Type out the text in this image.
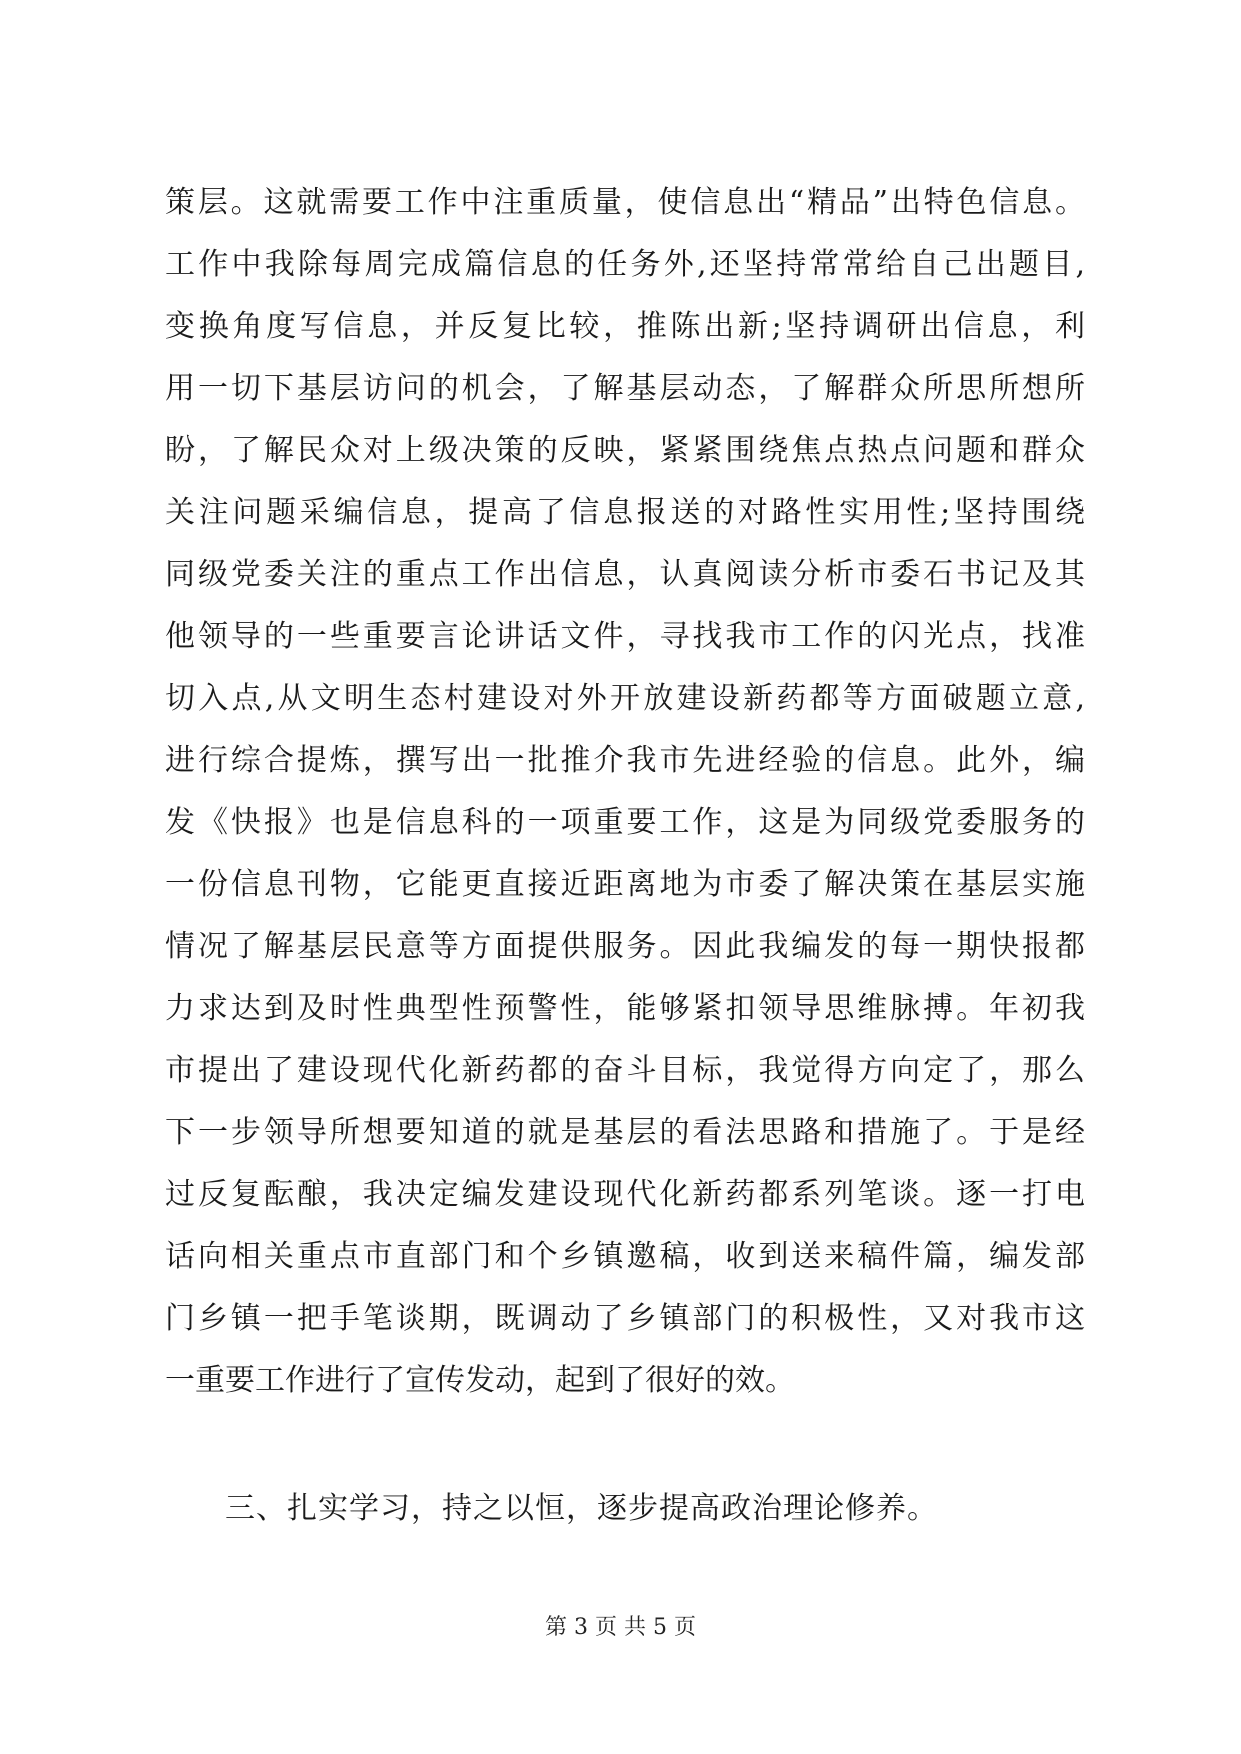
策层。这就需要工作中注重质量，使信息出“精品”出特色信息。
工作中我除每周完成篇信息的任务外,还坚持常常给自己出题目,
变换角度写信息，并反复比较，推陈出新;坚持调研出信息，利
用一切下基层访问的机会，了解基层动态，了解群众所思所想所
盼，了解民众对上级决策的反映，紧紧围绕焦点热点问题和群众
关注问题采编信息，提高了信息报送的对路性实用性;坚持围绕
同级党委关注的重点工作出信息，认真阅读分析市委石书记及其
他领导的一些重要言论讲话文件，寻找我市工作的闪光点，找准
切入点,从文明生态村建设对外开放建设新药都等方面破题立意,
进行综合提炼，撰写出一批推介我市先进经验的信息。此外，编
发《快报》也是信息科的一项重要工作，这是为同级党委服务的
一份信息刊物，它能更直接近距离地为市委了解决策在基层实施
情况了解基层民意等方面提供服务。因此我编发的每一期快报都
力求达到及时性典型性预警性，能够紧扣领导思维脉搏。年初我
市提出了建设现代化新药都的奋斗目标，我觉得方向定了，那么
下一步领导所想要知道的就是基层的看法思路和措施了。于是经
过反复酝酿，我决定编发建设现代化新药都系列笔谈。逐一打电
话向相关重点市直部门和个乡镇邀稿，收到送来稿件篇，编发部
门乡镇一把手笔谈期，既调动了乡镇部门的积极性，又对我市这
一重要工作进行了宣传发动，起到了很好的效。
三、扎实学习，持之以恒，逐步提高政治理论修养。
第 3 页 共 5 页
